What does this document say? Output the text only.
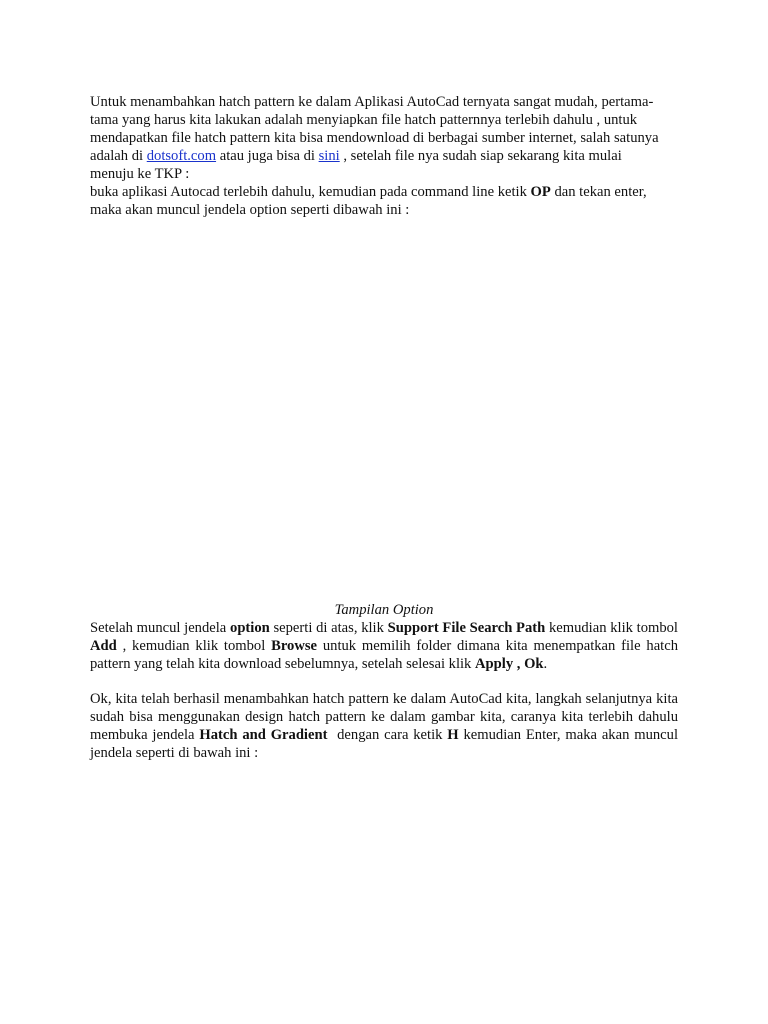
Untuk menambahkan hatch pattern ke dalam Aplikasi AutoCad ternyata sangat mudah, pertama-
tama yang harus kita lakukan adalah menyiapkan file hatch patternnya terlebih dahulu , untuk
mendapatkan file hatch pattern kita bisa mendownload di berbagai sumber internet, salah satunya
adalah di dotsoft.com atau juga bisa di sini , setelah file nya sudah siap sekarang kita mulai
menuju ke TKP :
buka aplikasi Autocad terlebih dahulu, kemudian pada command line ketik OP dan tekan enter,
maka akan muncul jendela option seperti dibawah ini :
Tampilan Option
Setelah muncul jendela option seperti di atas, klik Support File Search Path kemudian klik tombol Add , kemudian klik tombol Browse untuk memilih folder dimana kita menempatkan file hatch pattern yang telah kita download sebelumnya, setelah selesai klik Apply , Ok.
Ok, kita telah berhasil menambahkan hatch pattern ke dalam AutoCad kita, langkah selanjutnya kita sudah bisa menggunakan design hatch pattern ke dalam gambar kita, caranya kita terlebih dahulu membuka jendela Hatch and Gradient  dengan cara ketik H kemudian Enter, maka akan muncul jendela seperti di bawah ini :
